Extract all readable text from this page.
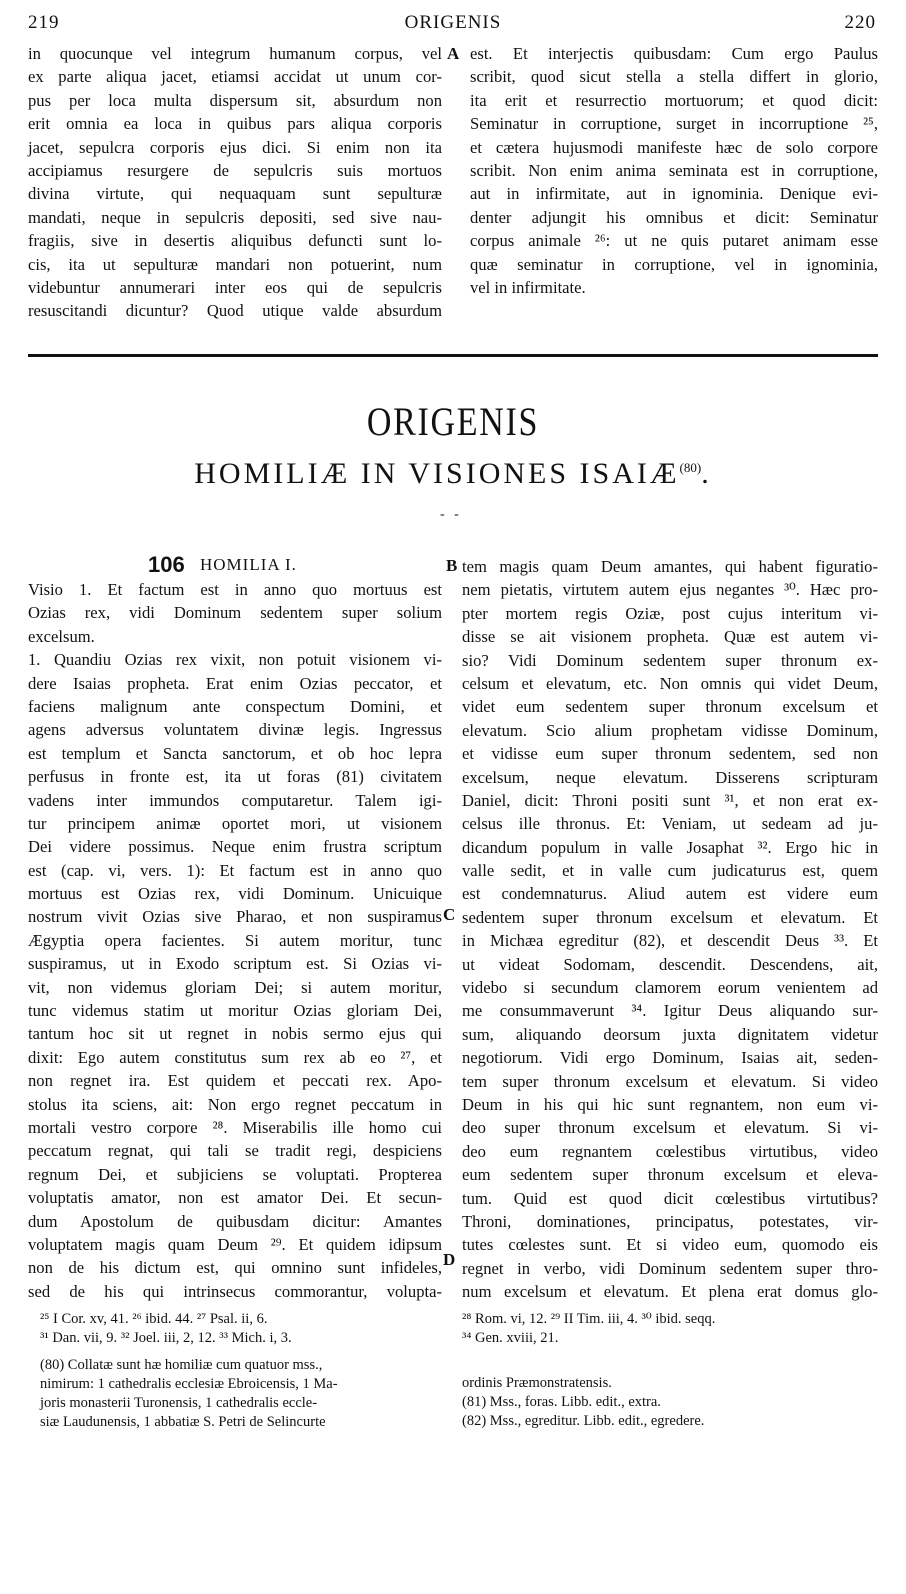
219	ORIGENIS	220
in quocunque vel integrum humanum corpus, vel
ex parte aliqua jacet, etiamsi accidat ut unum cor-
pus per loca multa dispersum sit, absurdum non
erit omnia ea loca in quibus pars aliqua corporis
jacet, sepulcra corporis ejus dici. Si enim non ita
accipiamus resurgere de sepulcris suis mortuos
divina virtute, qui nequaquam sunt sepulturæ
mandati, neque in sepulcris depositi, sed sive nau-
fragiis, sive in desertis aliquibus defuncti sunt lo-
cis, ita ut sepulturæ mandari non potuerint, num
videbuntur annumerari inter eos qui de sepulcris
resuscitandi dicuntur? Quod utique valde absurdum
A est. Et interjectis quibusdam: Cum ergo Paulus
scribit, quod sicut stella a stella differt in glorio,
ita erit et resurrectio mortuorum; et quod dicit:
Seminatur in corruptione, surget in incorruptione ²⁵,
et cætera hujusmodi manifeste hæc de solo corpore
scribit. Non enim anima seminata est in corruptione,
aut in infirmitate, aut in ignominia. Denique evi-
denter adjungit his omnibus et dicit: Seminatur
corpus animale ²⁶: ut ne quis putaret animam esse
quæ seminatur in corruptione, vel in ignominia,
vel in infirmitate.
ORIGENIS
HOMILIÆ IN VISIONES ISAIÆ$^{(80)}$.
- -
106 HOMILIA I.
Visio 1. Et factum est in anno quo mortuus est
Ozias rex, vidi Dominum sedentem super solium
excelsum.
1. Quandiu Ozias rex vixit, non potuit visionem vi-
dere Isaias propheta. Erat enim Ozias peccator, et
faciens malignum ante conspectum Domini, et
agens adversus voluntatem divinæ legis. Ingressus
est templum et Sancta sanctorum, et ob hoc lepra
perfusus in fronte est, ita ut foras (81) civitatem
vadens inter immundos computaretur. Talem igi-
tur principem animæ oportet mori, ut visionem
Dei videre possimus. Neque enim frustra scriptum
est (cap. vi, vers. 1): Et factum est in anno quo
mortuus est Ozias rex, vidi Dominum. Unicuique
nostrum vivit Ozias sive Pharao, et non suspiramus
Ægyptia opera facientes. Si autem moritur, tunc
suspiramus, ut in Exodo scriptum est. Si Ozias vi-
vit, non videmus gloriam Dei; si autem moritur,
tunc videmus statim ut moritur Ozias gloriam Dei,
tantum hoc sit ut regnet in nobis sermo ejus qui
dixit: Ego autem constitutus sum rex ab eo ²⁷, et
non regnet ira. Est quidem et peccati rex. Apo-
stolus ita sciens, ait: Non ergo regnet peccatum in
mortali vestro corpore ²⁸. Miserabilis ille homo cui
peccatum regnat, qui tali se tradit regi, despiciens
regnum Dei, et subjiciens se voluptati. Propterea
voluptatis amator, non est amator Dei. Et secun-
dum Apostolum de quibusdam dicitur: Amantes
voluptatem magis quam Deum ²⁹. Et quidem idipsum
non de his dictum est, qui omnino sunt infideles,
sed de his qui intrinsecus commorantur, volupta-
B
C
D
tem magis quam Deum amantes, qui habent figuratio-
nem pietatis, virtutem autem ejus negantes ³⁰. Hæc pro-
pter mortem regis Oziæ, post cujus interitum vi-
disse se ait visionem propheta. Quæ est autem vi-
sio? Vidi Dominum sedentem super thronum ex-
celsum et elevatum, etc. Non omnis qui videt Deum,
videt eum sedentem super thronum excelsum et
elevatum. Scio alium prophetam vidisse Dominum,
et vidisse eum super thronum sedentem, sed non
excelsum, neque elevatum. Disserens scripturam
Daniel, dicit: Throni positi sunt ³¹, et non erat ex-
celsus ille thronus. Et: Veniam, ut sedeam ad ju-
dicandum populum in valle Josaphat ³². Ergo hic in
valle sedit, et in valle cum judicaturus est, quem
est condemnaturus. Aliud autem est videre eum
sedentem super thronum excelsum et elevatum. Et
in Michæa egreditur (82), et descendit Deus ³³. Et
ut videat Sodomam, descendit. Descendens, ait,
videbo si secundum clamorem eorum venientem ad
me consummaverunt ³⁴. Igitur Deus aliquando sur-
sum, aliquando deorsum juxta dignitatem videtur
negotiorum. Vidi ergo Dominum, Isaias ait, seden-
tem super thronum excelsum et elevatum. Si video
Deum in his qui hic sunt regnantem, non eum vi-
deo super thronum excelsum et elevatum. Si vi-
deo eum regnantem cœlestibus virtutibus, video
eum sedentem super thronum excelsum et eleva-
tum. Quid est quod dicit cœlestibus virtutibus?
Throni, dominationes, principatus, potestates, vir-
tutes cœlestes sunt. Et si video eum, quomodo eis
regnet in verbo, vidi Dominum sedentem super thro-
num excelsum et elevatum. Et plena erat domus glo-
²⁵ I Cor. xv, 41. ²⁶ ibid. 44. ²⁷ Psal. ii, 6.
³¹ Dan. vii, 9. ³² Joel. iii, 2, 12. ³³ Mich. i, 3.
²⁸ Rom. vi, 12. ²⁹ II Tim. iii, 4. ³⁰ ibid. seqq.
³⁴ Gen. xviii, 21.
(80) Collatæ sunt hæ homiliæ cum quatuor mss.,
nimirum: 1 cathedralis ecclesiæ Ebroicensis, 1 Ma-
joris monasterii Turonensis, 1 cathedralis eccle-
siæ Laudunensis, 1 abbatiæ S. Petri de Selincurte
ordinis Præmonstratensis.
(81) Mss., foras. Libb. edit., extra.
(82) Mss., egreditur. Libb. edit., egredere.
